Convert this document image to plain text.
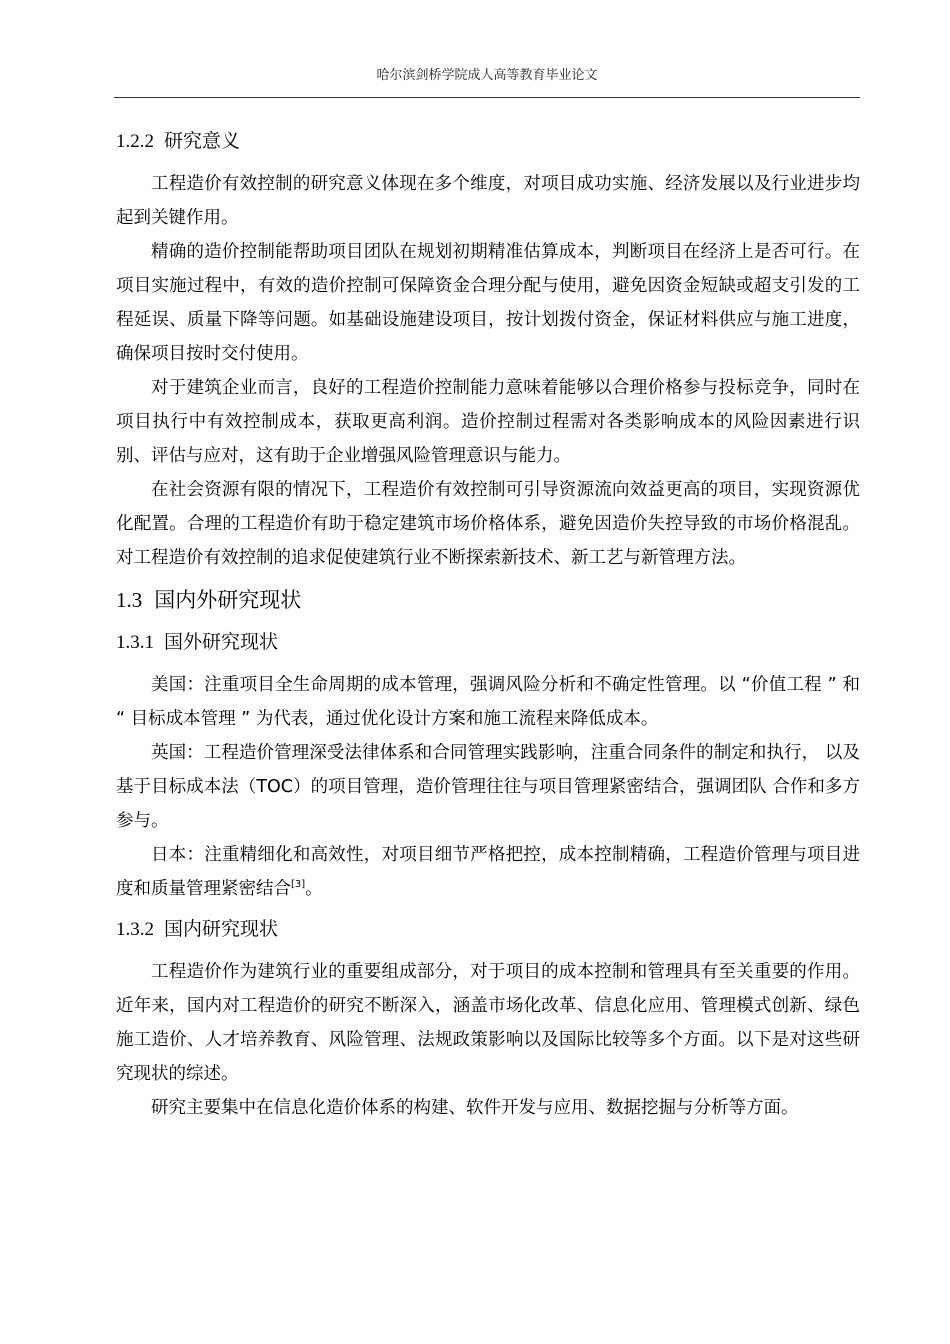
哈尔滨剑桥学院成人高等教育毕业论文
1.2.2 研究意义

工程造价有效控制的研究意义体现在多个维度，对项目成功实施、经济发展以及行业进步均起到关键作用。

精确的造价控制能帮助项目团队在规划初期精准估算成本，判断项目在经济上是否可行。在项目实施过程中，有效的造价控制可保障资金合理分配与使用，避免因资金短缺或超支引发的工程延误、质量下降等问题。如基础设施建设项目，按计划拨付资金，保证材料供应与施工进度，确保项目按时交付使用。

对于建筑企业而言，良好的工程造价控制能力意味着能够以合理价格参与投标竞争，同时在项目执行中有效控制成本，获取更高利润。造价控制过程需对各类影响成本的风险因素进行识别、评估与应对，这有助于企业增强风险管理意识与能力。

在社会资源有限的情况下，工程造价有效控制可引导资源流向效益更高的项目，实现资源优化配置。合理的工程造价有助于稳定建筑市场价格体系，避免因造价失控导致的市场价格混乱。对工程造价有效控制的追求促使建筑行业不断探索新技术、新工艺与新管理方法。

1.3 国内外研究现状
1.3.1 国外研究现状

美国：注重项目全生命周期的成本管理，强调风险分析和不确定性管理。以 “价值工程 ” 和 “ 目标成本管理 ” 为代表，通过优化设计方案和施工流程来降低成本。

英国：工程造价管理深受法律体系和合同管理实践影响，注重合同条件的制定和执行， 以及基于目标成本法（TOC）的项目管理，造价管理往往与项目管理紧密结合，强调团队 合作和多方参与。

日本：注重精细化和高效性，对项目细节严格把控，成本控制精确，工程造价管理与项目进度和质量管理紧密结合[3]。

1.3.2 国内研究现状

工程造价作为建筑行业的重要组成部分，对于项目的成本控制和管理具有至关重要的作用。近年来，国内对工程造价的研究不断深入，涵盖市场化改革、信息化应用、管理模式创新、绿色施工造价、人才培养教育、风险管理、法规政策影响以及国际比较等多个方面。以下是对这些研究现状的综述。

研究主要集中在信息化造价体系的构建、软件开发与应用、数据挖掘与分析等方面。
